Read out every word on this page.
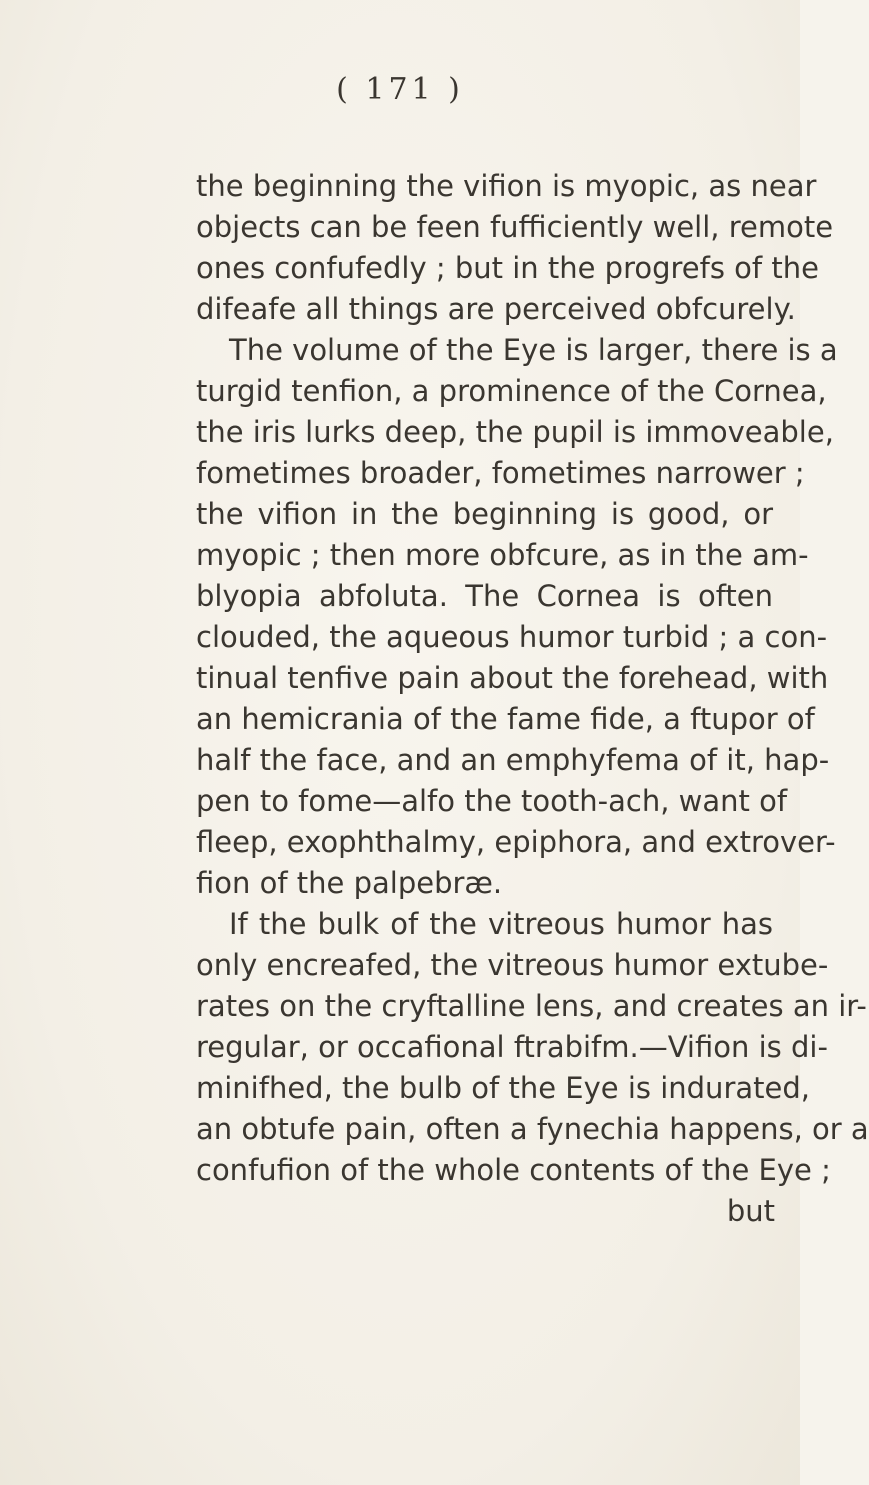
( 171 )
the beginning the vifion is myopic, as near
objects can be feen fufficiently well, remote
ones confufedly ; but in the progrefs of the
difeafe all things are perceived obfcurely.
The volume of the Eye is larger, there is a
turgid tenfion, a prominence of the Cornea,
the iris lurks deep, the pupil is immoveable,
fometimes broader, fometimes narrower ;
the vifion in the beginning is good, or
myopic ; then more obfcure, as in the am-
blyopia abfoluta. The Cornea is often
clouded, the aqueous humor turbid ; a con-
tinual tenfive pain about the forehead, with
an hemicrania of the fame fide, a ftupor of
half the face, and an emphyfema of it, hap-
pen to fome—alfo the tooth-ach, want of
fleep, exophthalmy, epiphora, and extrover-
fion of the palpebræ.
If the bulk of the vitreous humor has
only encreafed, the vitreous humor extube-
rates on the cryftalline lens, and creates an ir-
regular, or occafional ftrabifm.—Vifion is di-
minifhed, the bulb of the Eye is indurated,
an obtufe pain, often a fynechia happens, or a
confufion of the whole contents of the Eye ;
but
